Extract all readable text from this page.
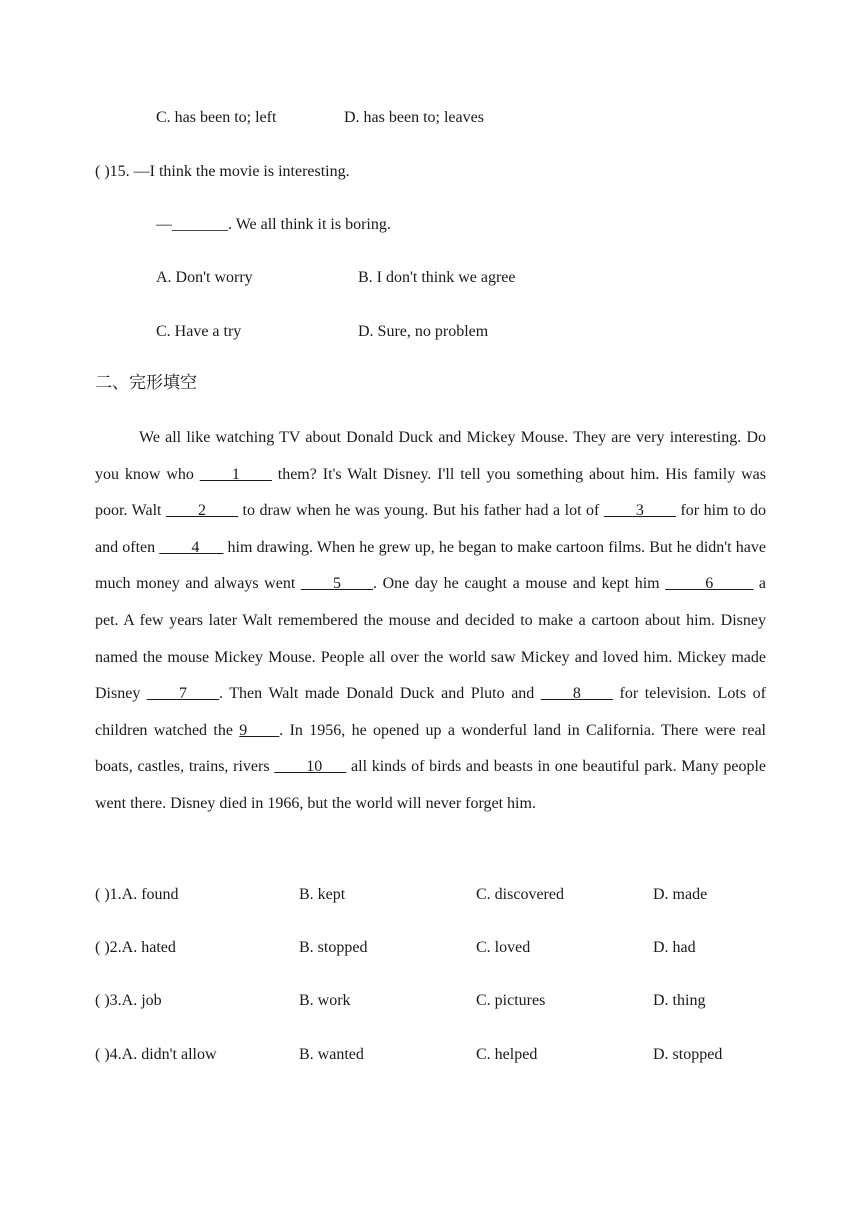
C. has been to; left	D. has been to; leaves
( )15. —I think the movie is interesting.
—_______. We all think it is boring.
A. Don't worry	B. I don't think we agree
C. Have a try	D. Sure, no problem
二、完形填空
We all like watching TV about Donald Duck and Mickey Mouse. They are very interesting. Do you know who ____1____ them? It's Walt Disney. I'll tell you something about him. His family was poor. Walt ____2____ to draw when he was young. But his father had a lot of ____3____ for him to do and often ____4___ him drawing. When he grew up, he began to make cartoon films. But he didn't have much money and always went ____5____. One day he caught a mouse and kept him _____6_____ a pet. A few years later Walt remembered the mouse and decided to make a cartoon about him. Disney named the mouse Mickey Mouse. People all over the world saw Mickey and loved him. Mickey made Disney ____7____. Then Walt made Donald Duck and Pluto and ____8____ for television. Lots of children watched the 9____. In 1956, he opened up a wonderful land in California. There were real boats, castles, trains, rivers ____10___ all kinds of birds and beasts in one beautiful park. Many people went there. Disney died in 1966, but the world will never forget him.
( )1.A. found	B. kept	C. discovered	D. made
( )2.A. hated	B. stopped	C. loved	D. had
( )3.A. job	B. work	C. pictures	D. thing
( )4.A. didn't allow	B. wanted	C. helped	D. stopped
